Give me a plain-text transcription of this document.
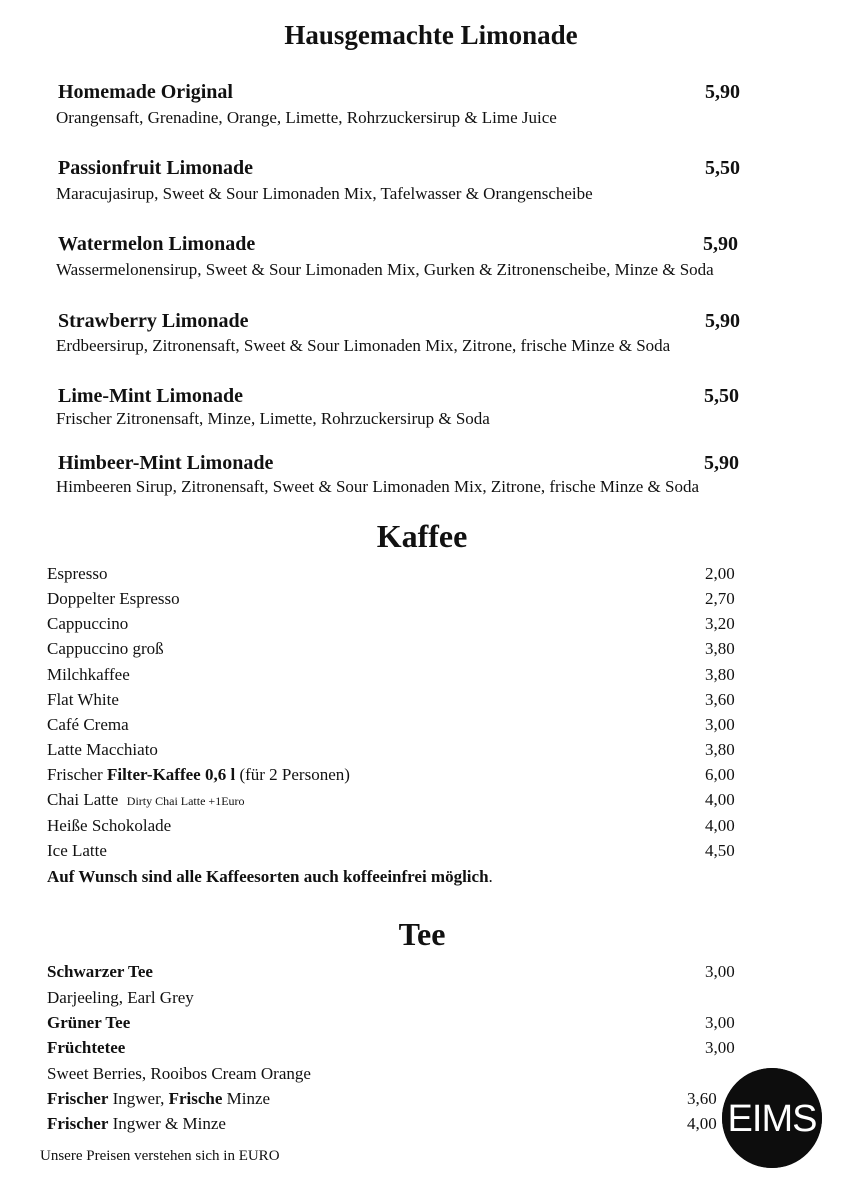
Hausgemachte Limonade
Homemade Original	5,90
Orangensaft, Grenadine, Orange, Limette, Rohrzuckersirup & Lime Juice
Passionfruit Limonade	5,50
Maracujasirup, Sweet & Sour Limonaden Mix, Tafelwasser & Orangenscheibe
Watermelon Limonade	5,90
Wassermelonensirup, Sweet & Sour Limonaden Mix, Gurken & Zitronenscheibe, Minze & Soda
Strawberry Limonade	5,90
Erdbeersirup, Zitronensaft, Sweet & Sour Limonaden Mix, Zitrone, frische Minze & Soda
Lime-Mint Limonade	5,50
Frischer Zitronensaft, Minze, Limette, Rohrzuckersirup & Soda
Himbeer-Mint Limonade	5,90
Himbeeren Sirup, Zitronensaft, Sweet & Sour Limonaden Mix, Zitrone, frische Minze & Soda
Kaffee
Espresso	2,00
Doppelter Espresso	2,70
Cappuccino	3,20
Cappuccino groß	3,80
Milchkaffee	3,80
Flat White	3,60
Café Crema	3,00
Latte Macchiato	3,80
Frischer Filter-Kaffee 0,6 l (für 2 Personen)	6,00
Chai Latte Dirty Chai Latte +1Euro	4,00
Heiße Schokolade	4,00
Ice Latte	4,50
Auf Wunsch sind alle Kaffeesorten auch koffeeinfrei möglich.
Tee
Schwarzer Tee	3,00
Darjeeling, Earl Grey
Grüner Tee	3,00
Früchtetee	3,00
Sweet Berries, Rooibos Cream Orange
Frischer Ingwer, Frische Minze	3,60
Frischer Ingwer & Minze	4,00
Unsere Preisen verstehen sich in EURO
EIMS
